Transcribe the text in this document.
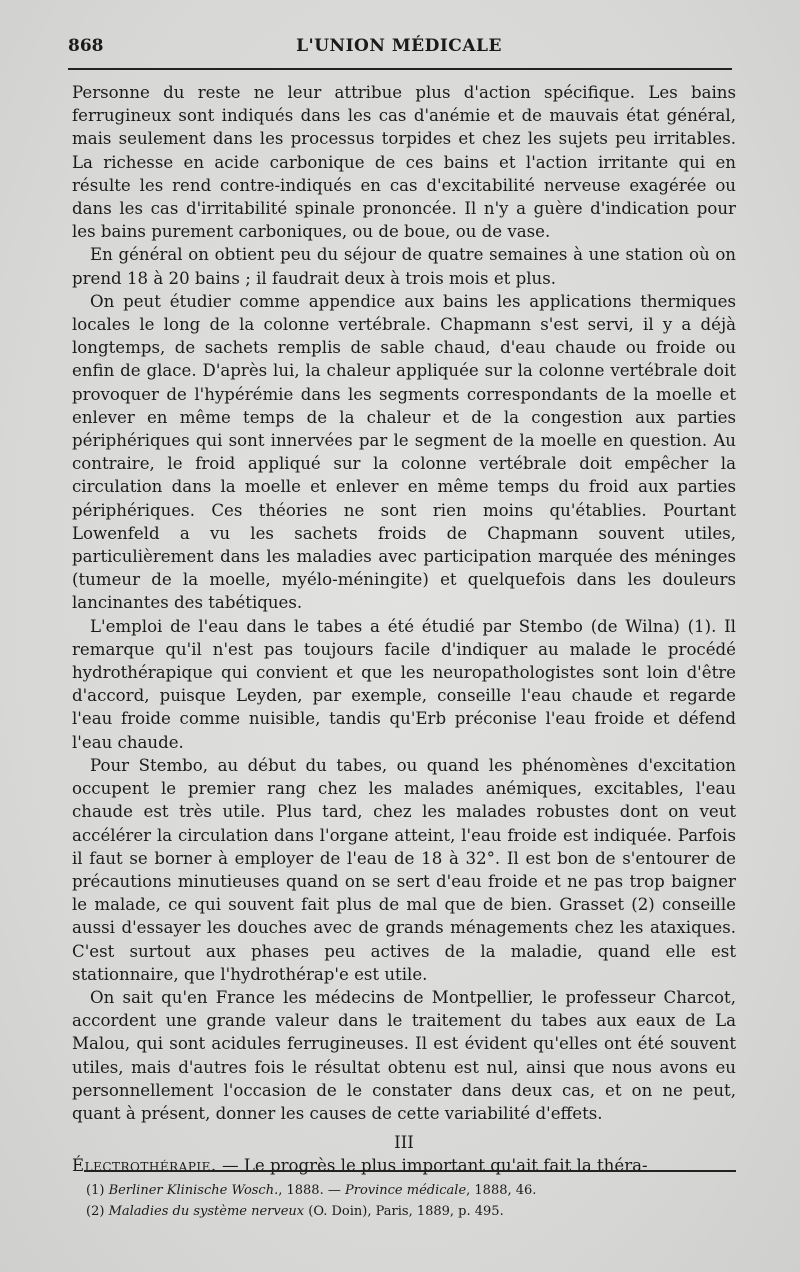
868	L'UNION MÉDICALE

Personne du reste ne leur attribue plus d'action spécifique. Les bains ferrugineux sont indiqués dans les cas d'anémie et de mauvais état général, mais seulement dans les processus torpides et chez les sujets peu irritables. La richesse en acide carbonique de ces bains et l'action irritante qui en résulte les rend contre-indiqués en cas d'excitabilité nerveuse exagérée ou dans les cas d'irritabilité spinale prononcée. Il n'y a guère d'indication pour les bains purement carboniques, ou de boue, ou de vase.

En général on obtient peu du séjour de quatre semaines à une station où on prend 18 à 20 bains ; il faudrait deux à trois mois et plus.

On peut étudier comme appendice aux bains les applications thermiques locales le long de la colonne vertébrale. Chapmann s'est servi, il y a déjà longtemps, de sachets remplis de sable chaud, d'eau chaude ou froide ou enfin de glace. D'après lui, la chaleur appliquée sur la colonne vertébrale doit provoquer de l'hypérémie dans les segments correspondants de la moelle et enlever en même temps de la chaleur et de la congestion aux parties périphériques qui sont innervées par le segment de la moelle en question. Au contraire, le froid appliqué sur la colonne vertébrale doit empêcher la circulation dans la moelle et enlever en même temps du froid aux parties périphériques. Ces théories ne sont rien moins qu'établies. Pourtant Lowenfeld a vu les sachets froids de Chapmann souvent utiles, particulièrement dans les maladies avec participation marquée des méninges (tumeur de la moelle, myélo-méningite) et quelquefois dans les douleurs lancinantes des tabétiques.

L'emploi de l'eau dans le tabes a été étudié par Stembo (de Wilna) (1). Il remarque qu'il n'est pas toujours facile d'indiquer au malade le procédé hydrothérapique qui convient et que les neuropathologistes sont loin d'être d'accord, puisque Leyden, par exemple, conseille l'eau chaude et regarde l'eau froide comme nuisible, tandis qu'Erb préconise l'eau froide et défend l'eau chaude.

Pour Stembo, au début du tabes, ou quand les phénomènes d'excitation occupent le premier rang chez les malades anémiques, excitables, l'eau chaude est très utile. Plus tard, chez les malades robustes dont on veut accélérer la circulation dans l'organe atteint, l'eau froide est indiquée. Parfois il faut se borner à employer de l'eau de 18 à 32°. Il est bon de s'entourer de précautions minutieuses quand on se sert d'eau froide et ne pas trop baigner le malade, ce qui souvent fait plus de mal que de bien. Grasset (2) conseille aussi d'essayer les douches avec de grands ménagements chez les ataxiques. C'est surtout aux phases peu actives de la maladie, quand elle est stationnaire, que l'hydrothérap'e est utile.

On sait qu'en France les médecins de Montpellier, le professeur Charcot, accordent une grande valeur dans le traitement du tabes aux eaux de La Malou, qui sont acidules ferrugineuses. Il est évident qu'elles ont été souvent utiles, mais d'autres fois le résultat obtenu est nul, ainsi que nous avons eu personnellement l'occasion de le constater dans deux cas, et on ne peut, quant à présent, donner les causes de cette variabilité d'effets.

III

Électrothérapie. — Le progrès le plus important qu'ait fait la théra-

(1) Berliner Klinische Wosch., 1888. — Province médicale, 1888, 46.

(2) Maladies du système nerveux (O. Doin), Paris, 1889, p. 495.
